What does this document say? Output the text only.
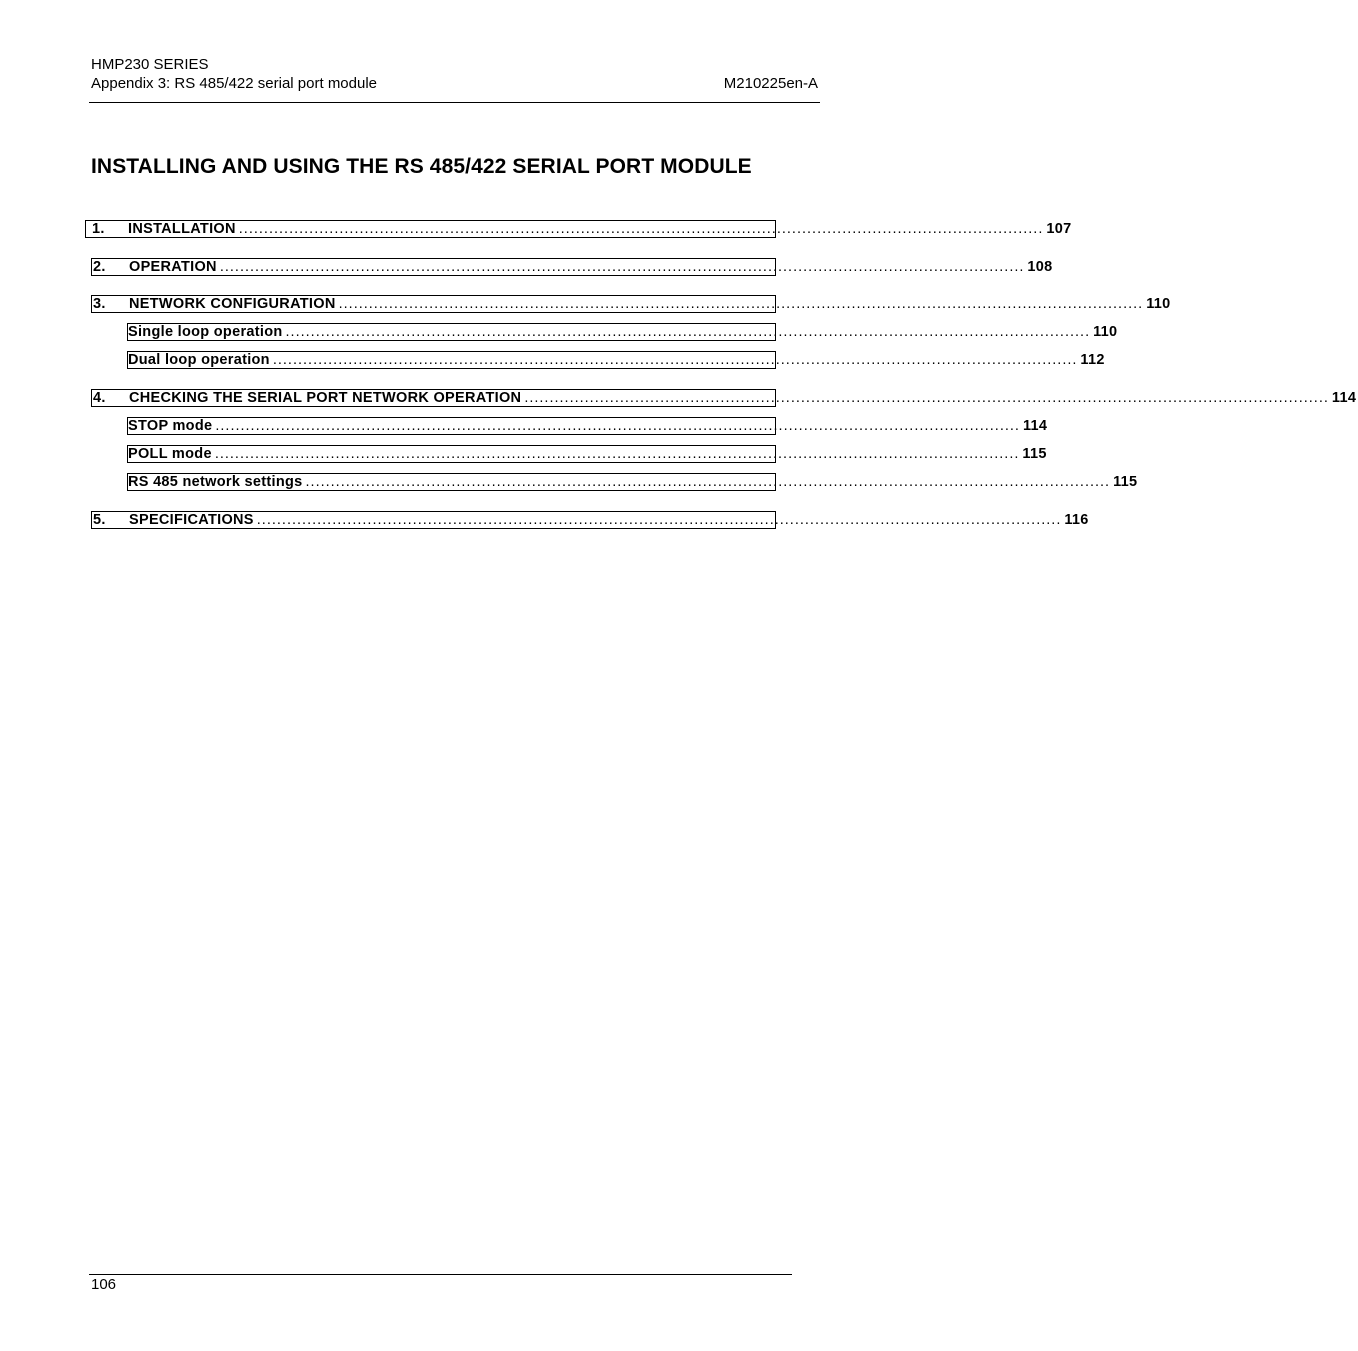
HMP230 SERIES
Appendix 3: RS 485/422 serial port module	M210225en-A
INSTALLING AND USING THE RS 485/422 SERIAL PORT MODULE
1.	INSTALLATION ................................................................................................................................................................ 107
2.	OPERATION ................................................................................................................................................................ 108
3.	NETWORK CONFIGURATION ................................................................................................................................................................ 110
Single loop operation ................................................................................................................................................................ 110
Dual loop operation ................................................................................................................................................................ 112
4.	CHECKING THE SERIAL PORT NETWORK OPERATION ................................................................................................................................................................ 114
STOP mode ................................................................................................................................................................ 114
POLL mode ................................................................................................................................................................ 115
RS 485 network settings ................................................................................................................................................................ 115
5.	SPECIFICATIONS ................................................................................................................................................................ 116
106
